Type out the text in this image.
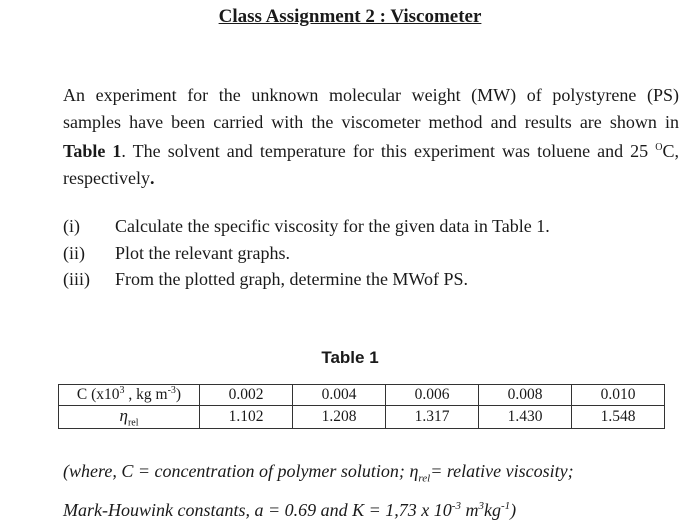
Class Assignment 2 : Viscometer
An experiment for the unknown molecular weight (MW) of polystyrene (PS) samples have been carried with the viscometer method and results are shown in Table 1. The solvent and temperature for this experiment was toluene and 25 $^O$C, respectively.
(i)	Calculate the specific viscosity for the given data in Table 1.
(ii)	Plot the relevant graphs.
(iii)	From the plotted graph, determine the MWof PS.
Table 1
C ($x10^3$ , kg $m^{-3}$)	0.002	0.004	0.006	0.008	0.010
$\eta_{rel}$	1.102	1.208	1.317	1.430	1.548
(where, C = concentration of polymer solution; $\eta_{rel}=$ relative viscosity;
Mark-Houwink constants, a = 0.69 and K = 1,73 x $10^{-3}$ $m^3kg^{-1}$)
